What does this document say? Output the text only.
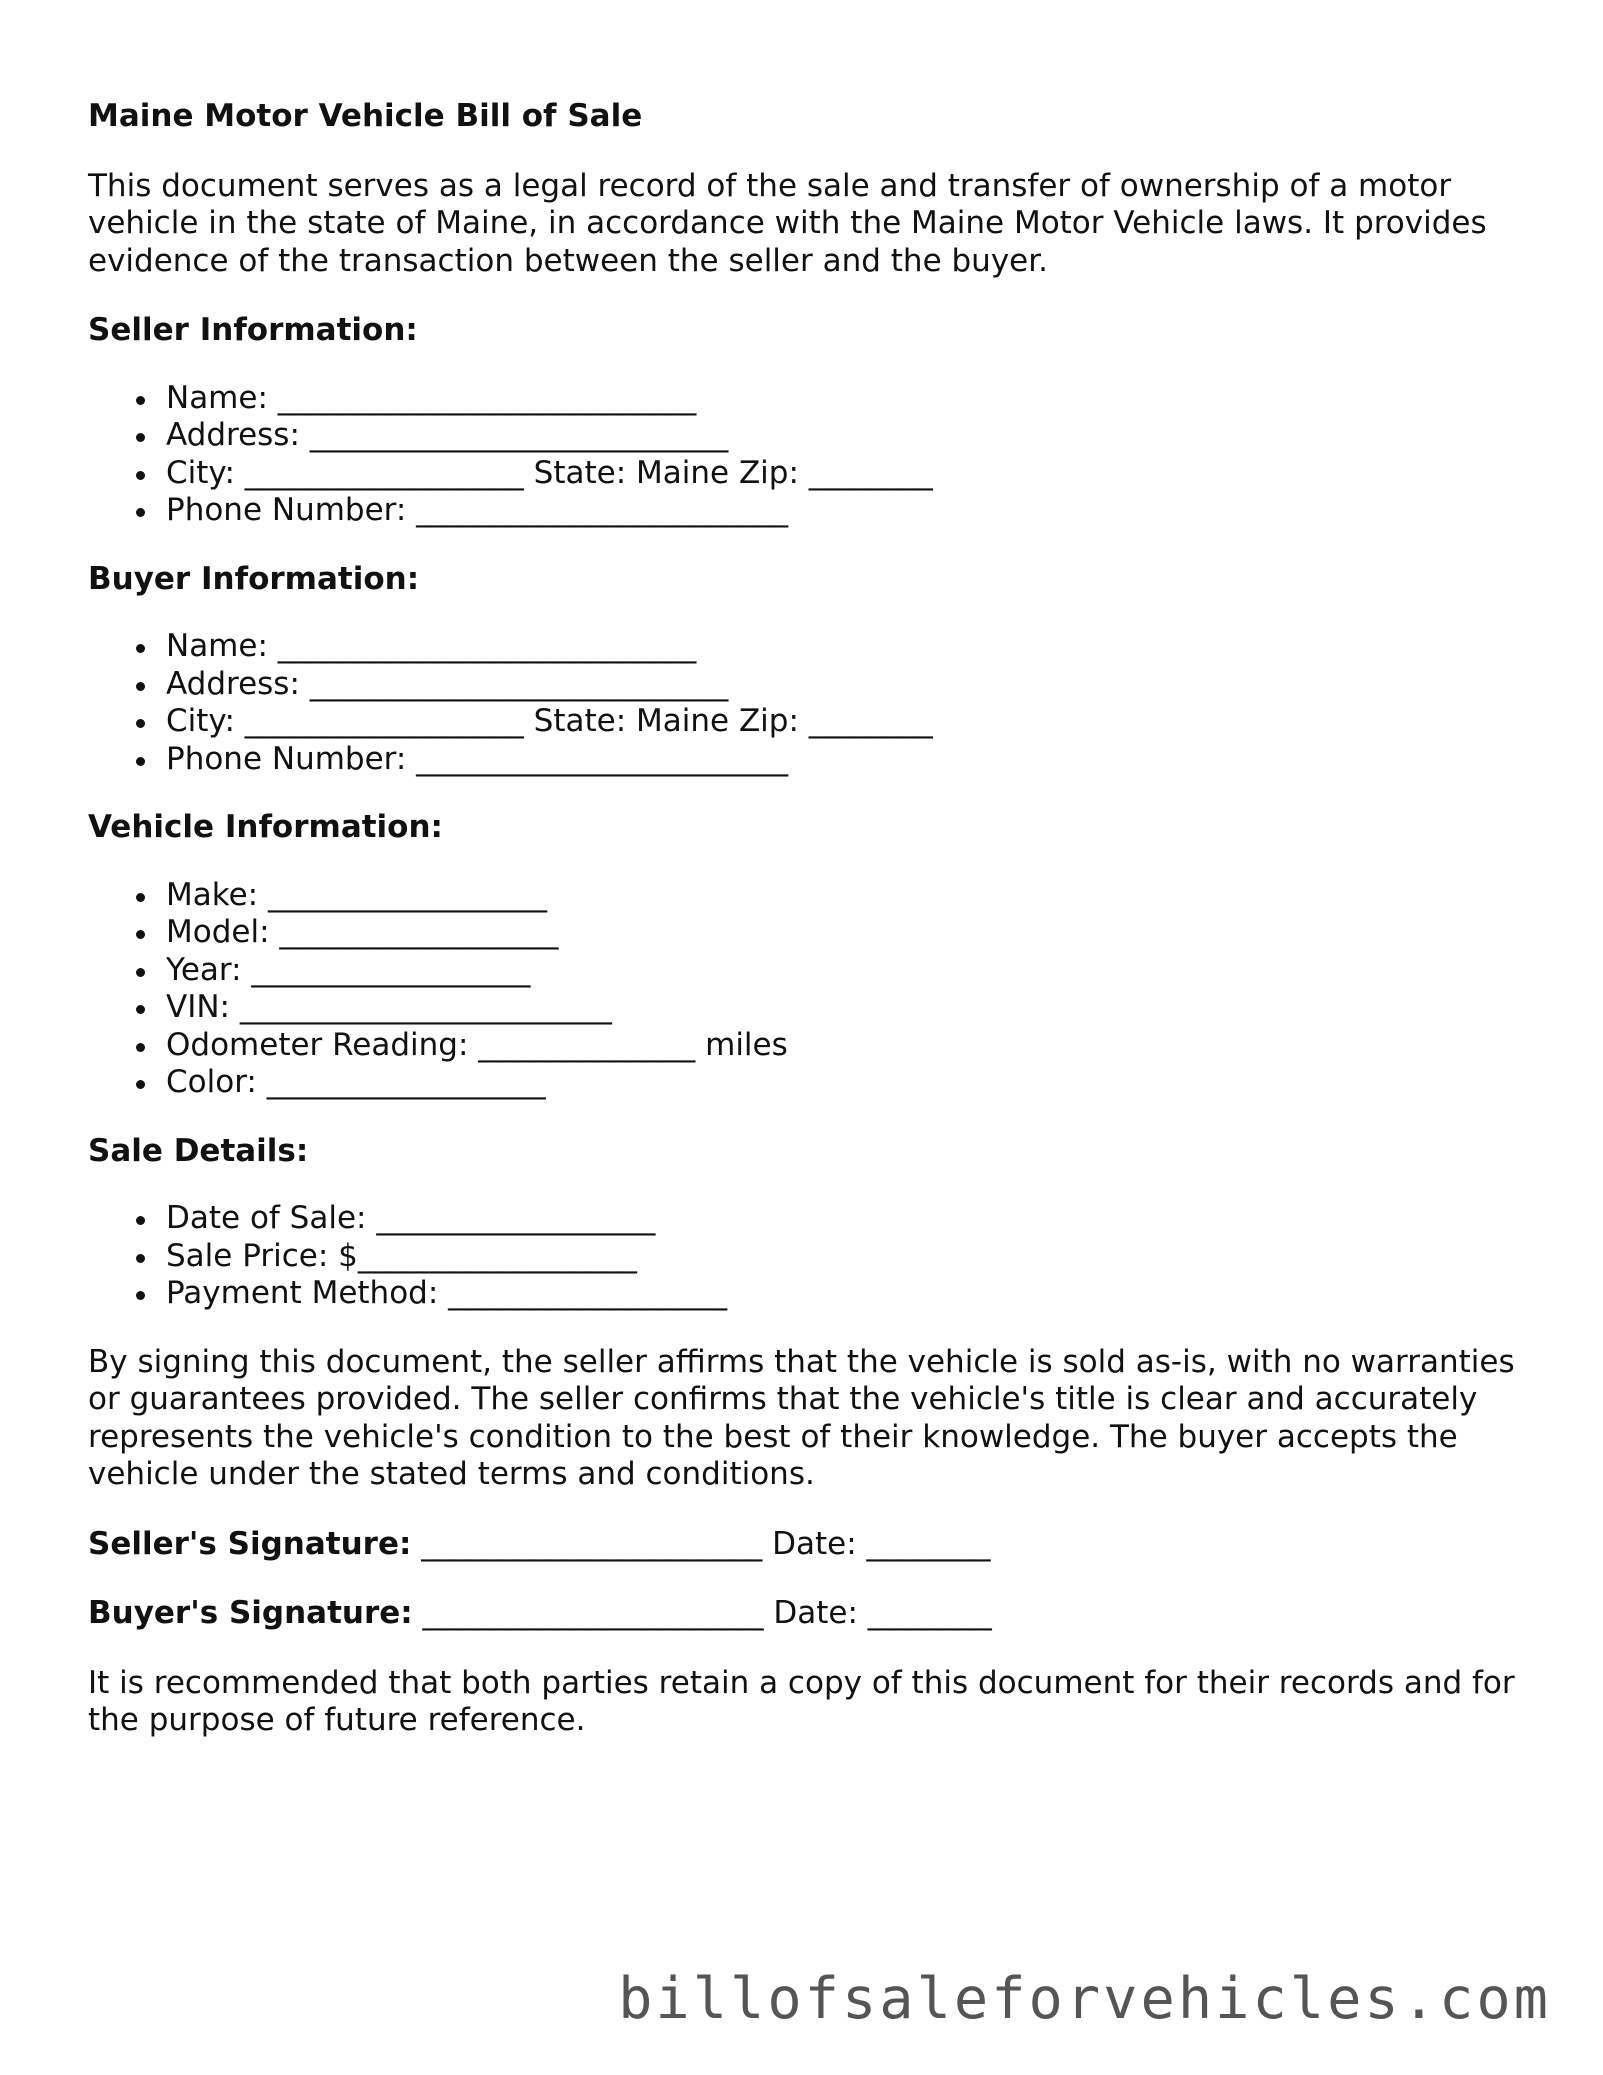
Maine Motor Vehicle Bill of Sale

This document serves as a legal record of the sale and transfer of ownership of a motor vehicle in the state of Maine, in accordance with the Maine Motor Vehicle laws. It provides evidence of the transaction between the seller and the buyer.

Seller Information:
Name: ___________________________
Address: ___________________________
City: __________________ State: Maine Zip: ________
Phone Number: ________________________
Buyer Information:
Name: ___________________________
Address: ___________________________
City: __________________ State: Maine Zip: ________
Phone Number: ________________________
Vehicle Information:
Make: __________________
Model: __________________
Year: __________________
VIN: ________________________
Odometer Reading: ______________ miles
Color: __________________
Sale Details:
Date of Sale: __________________
Sale Price: $__________________
Payment Method: __________________

By signing this document, the seller affirms that the vehicle is sold as-is, with no warranties or guarantees provided. The seller confirms that the vehicle's title is clear and accurately represents the vehicle's condition to the best of their knowledge. The buyer accepts the vehicle under the stated terms and conditions.

Seller's Signature: ______________________ Date: ________
Buyer's Signature: ______________________ Date: ________

It is recommended that both parties retain a copy of this document for their records and for the purpose of future reference.

billofsaleforvehicles.com
